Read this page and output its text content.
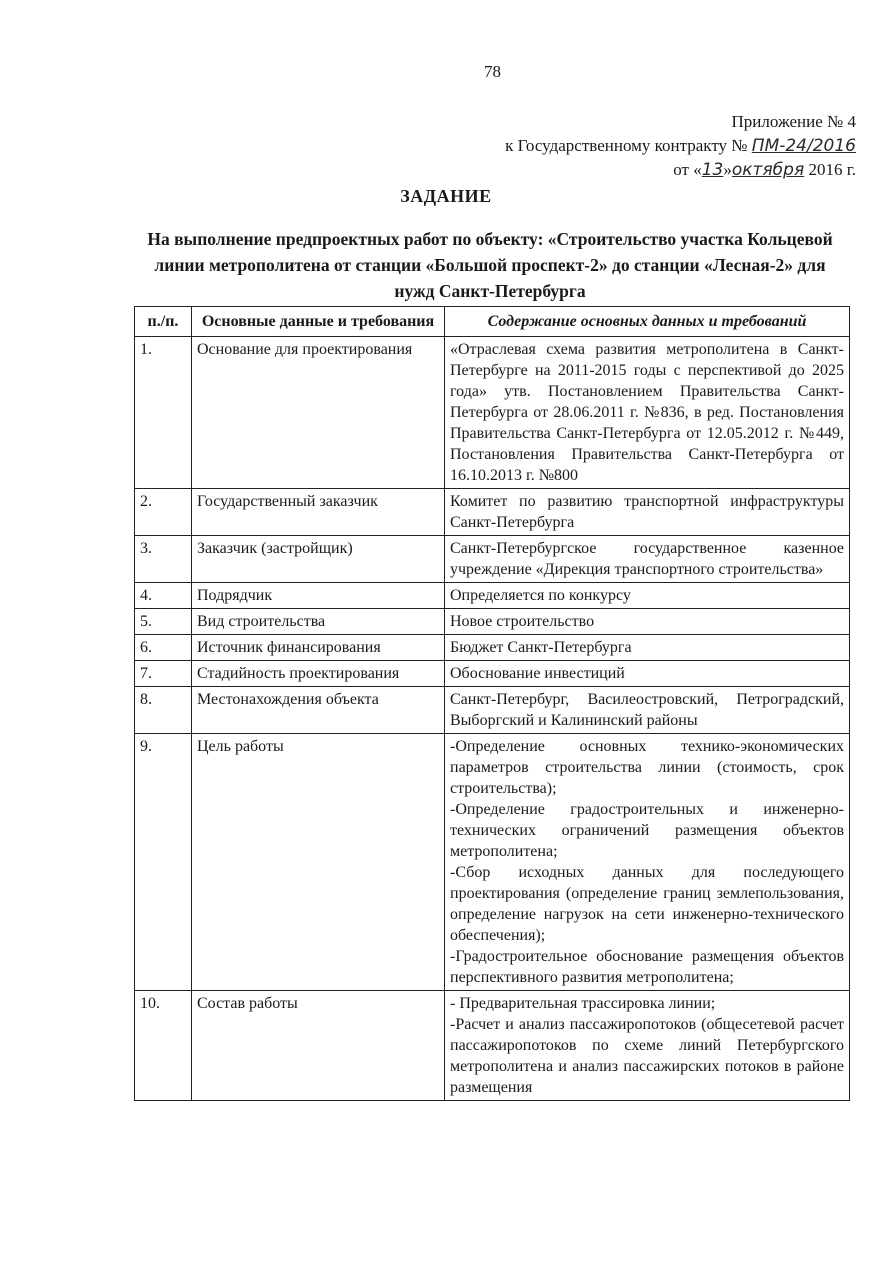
78
Приложение № 4
к Государственному контракту № ПМ-24/2016
от «13»октября 2016 г.
ЗАДАНИЕ
На выполнение предпроектных работ по объекту: «Строительство участка Кольцевой линии метрополитена от станции «Большой проспект-2» до станции «Лесная-2» для нужд Санкт-Петербурга
п./п.	Основные данные и требования	Содержание основных данных и требований
1.	Основание для проектирования	«Отраслевая схема развития метрополитена в Санкт-Петербурге на 2011-2015 годы с перспективой до 2025 года» утв. Постановлением Правительства Санкт-Петербурга от 28.06.2011 г. №836, в ред. Постановления Правительства Санкт-Петербурга от 12.05.2012 г. №449, Постановления Правительства Санкт-Петербурга от 16.10.2013 г. №800

2.	Государственный заказчик	Комитет по развитию транспортной инфраструктуры Санкт-Петербурга

3.	Заказчик (застройщик)	Санкт-Петербургское государственное казенное учреждение «Дирекция транспортного строительства»

4.	Подрядчик	Определяется по конкурсу

5.	Вид строительства	Новое строительство

6.	Источник финансирования	Бюджет Санкт-Петербурга

7.	Стадийность проектирования	Обоснование инвестиций

8.	Местонахождения объекта	Санкт-Петербург, Василеостровский, Петроградский, Выборгский и Калининский районы

9.	Цель работы	-Определение основных технико-экономических параметров строительства линии (стоимость, срок строительства);

-Определение градостроительных и инженерно-технических ограничений размещения объектов метрополитена;

-Сбор исходных данных для последующего проектирования (определение границ землепользования, определение нагрузок на сети инженерно-технического обеспечения);

-Градостроительное обоснование размещения объектов перспективного развития метрополитена;

10.	Состав работы	- Предварительная трассировка линии;

-Расчет и анализ пассажиропотоков (общесетевой расчет пассажиропотоков по схеме линий Петербургского метрополитена и анализ пассажирских потоков в районе размещения
